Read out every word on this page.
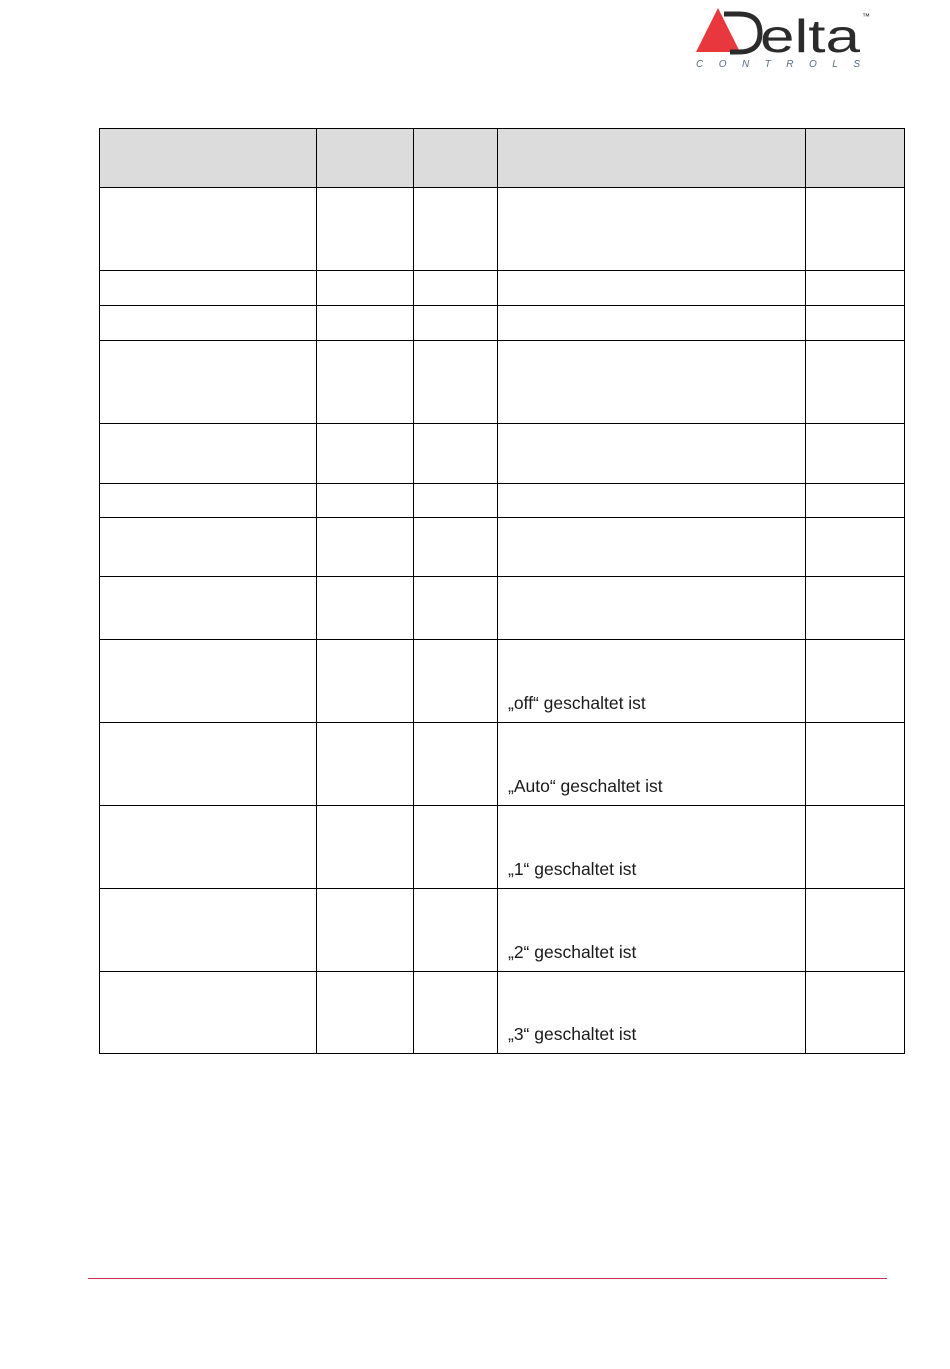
elta ™
CONTROLS

			„off“ geschaltet ist	
			„Auto“ geschaltet ist	
			„1“ geschaltet ist	
			„2“ geschaltet ist	
			„3“ geschaltet ist	
